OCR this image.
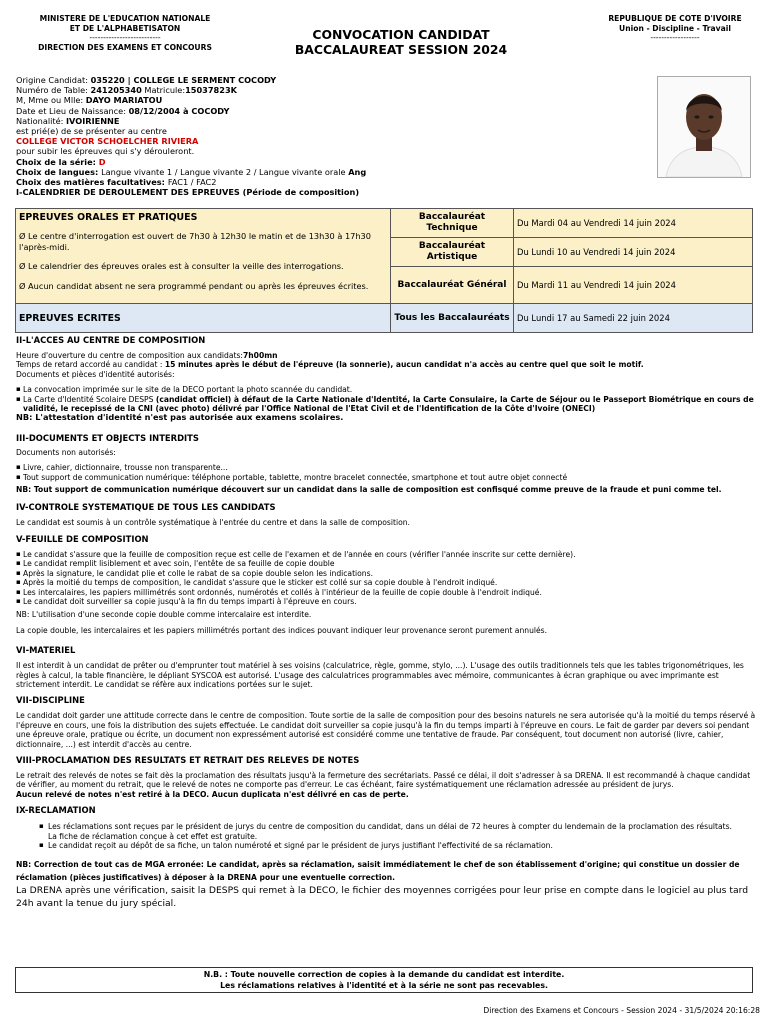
MINISTERE DE L'EDUCATION NATIONALE
ET DE L'ALPHABETISATON
--------------------------
DIRECTION DES EXAMENS ET CONCOURS
CONVOCATION CANDIDAT
BACCALAUREAT SESSION 2024
REPUBLIQUE DE COTE D'IVOIRE
Union - Discipline - Travail
------------------
Origine Candidat: 035220 | COLLEGE LE SERMENT COCODY
Numéro de Table: 241205340 Matricule:15037823K
M, Mme ou Mlle: DAYO MARIATOU
Date et Lieu de Naissance: 08/12/2004 à COCODY
Nationalité: IVOIRIENNE
est prié(e) de se présenter au centre
COLLEGE VICTOR SCHOELCHER RIVIERA
pour subir les épreuves qui s'y dérouleront.
Choix de la série: D
Choix de langues: Langue vivante 1 / Langue vivante 2 / Langue vivante orale Ang
Choix des matières facultatives: FAC1 / FAC2
I-CALENDRIER DE DEROULEMENT DES EPREUVES (Période de composition)
EPREUVES ORALES ET PRATIQUES

Ø Le centre d'interrogation est ouvert de 7h30 à 12h30 le matin et de 13h30 à 17h30 l'après-midi.

Ø Le calendrier des épreuves orales est à consulter la veille des interrogations.

Ø Aucun candidat absent ne sera programmé pendant ou après les épreuves écrites.	Baccalauréat Technique	Du Mardi 04 au Vendredi 14 juin 2024
	Baccalauréat Artistique	Du Lundi 10 au Vendredi 14 juin 2024
	Baccalauréat Général	Du Mardi 11 au Vendredi 14 juin 2024
EPREUVES ECRITES	Tous les Baccalauréats	Du Lundi 17 au Samedi 22 juin 2024
II-L'ACCES AU CENTRE DE COMPOSITION

Heure d'ouverture du centre de composition aux candidats:7h00mn

Temps de retard accordé au candidat : 15 minutes après le début de l'épreuve (la sonnerie), aucun candidat n'a accès au centre quel que soit le motif.

Documents et pièces d'identité autorisés:

▪ La convocation imprimée sur le site de la DECO portant la photo scannée du candidat.
▪ La Carte d'Identité Scolaire DESPS (candidat officiel) à défaut de la Carte Nationale d'Identité, la Carte Consulaire, la Carte de Séjour ou le Passeport Biométrique en cours de validité, le recepissé de la CNI (avec photo) délivré par l'Office National de l'Etat Civil et de l'Identification de la Côte d'Ivoire (ONECI)

NB: L'attestation d'identité n'est pas autorisée aux examens scolaires.

III-DOCUMENTS ET OBJECTS INTERDITS

Documents non autorisés:

▪ Livre, cahier, dictionnaire, trousse non transparente...
▪ Tout support de communication numérique: téléphone portable, tablette, montre bracelet connectée, smartphone et tout autre objet connecté

NB: Tout support de communication numérique découvert sur un candidat dans la salle de composition est confisqué comme preuve de la fraude et puni comme tel.

IV-CONTROLE SYSTEMATIQUE DE TOUS LES CANDIDATS

Le candidat est soumis à un contrôle systématique à l'entrée du centre et dans la salle de composition.

V-FEUILLE DE COMPOSITION
▪ Le candidat s'assure que la feuille de composition reçue est celle de l'examen et de l'année en cours (vérifier l'année inscrite sur cette dernière).
▪ Le candidat remplit lisiblement et avec soin, l'entête de sa feuille de copie double
▪ Après la signature, le candidat plie et colle le rabat de sa copie double selon les indications.
▪ Après la moitié du temps de composition, le candidat s'assure que le sticker est collé sur sa copie double à l'endroit indiqué.
▪ Les intercalaires, les papiers millimétrés sont ordonnés, numérotés et collés à l'intérieur de la feuille de copie double à l'endroit indiqué.
▪ Le candidat doit surveiller sa copie jusqu'à la fin du temps imparti à l'épreuve en cours.

NB: L'utilisation d'une seconde copie double comme intercalaire est interdite.

La copie double, les intercalaires et les papiers millimétrés portant des indices pouvant indiquer leur provenance seront purement annulés.

VI-MATERIEL

Il est interdit à un candidat de prêter ou d'emprunter tout matériel à ses voisins (calculatrice, règle, gomme, stylo, ...). L'usage des outils traditionnels tels que les tables trigonométriques, les règles à calcul, la table financière, le dépliant SYSCOA est autorisé. L'usage des calculatrices programmables avec mémoire, communicantes à écran graphique ou avec imprimante est strictement interdit. Le candidat se réfère aux indications portées sur le sujet.

VII-DISCIPLINE

Le candidat doit garder une attitude correcte dans le centre de composition. Toute sortie de la salle de composition pour des besoins naturels ne sera autorisée qu'à la moitié du temps réservé à l'épreuve en cours, une fois la distribution des sujets effectuée. Le candidat doit surveiller sa copie jusqu'à la fin du temps imparti à l'épreuve en cours. Le fait de garder par devers soi pendant une épreuve orale, pratique ou écrite, un document non expressément autorisé est considéré comme une tentative de fraude. Par conséquent, tout document non autorisé (livre, cahier, dictionnaire, ...) est interdit d'accès au centre.

VIII-PROCLAMATION DES RESULTATS ET RETRAIT DES RELEVES DE NOTES

Le retrait des relevés de notes se fait dès la proclamation des résultats jusqu'à la fermeture des secrétariats. Passé ce délai, il doit s'adresser à sa DRENA. Il est recommandé à chaque candidat de vérifier, au moment du retrait, que le relevé de notes ne comporte pas d'erreur. Le cas échéant, faire systématiquement une réclamation adressée au président de jurys.

Aucun relevé de notes n'est retiré à la DECO. Aucun duplicata n'est délivré en cas de perte.

IX-RECLAMATION
▪ Les réclamations sont reçues par le président de jurys du centre de composition du candidat, dans un délai de 72 heures à compter du lendemain de la proclamation des résultats.
La fiche de réclamation conçue à cet effet est gratuite.
▪ Le candidat reçoit au dépôt de sa fiche, un talon numéroté et signé par le président de jurys justifiant l'effectivité de sa réclamation.

NB: Correction de tout cas de MGA erronée: Le candidat, après sa réclamation, saisit immédiatement le chef de son établissement d'origine; qui constitue un dossier de réclamation (pièces justificatives) à déposer à la DRENA pour une eventuelle correction.

La DRENA après une vérification, saisit la DESPS qui remet à la DECO, le fichier des moyennes corrigées pour leur prise en compte dans le logiciel au plus tard 24h avant la tenue du jury spécial.

N.B. : Toute nouvelle correction de copies à la demande du candidat est interdite.
Les réclamations relatives à l'identité et à la série ne sont pas recevables.
Direction des Examens et Concours - Session 2024 - 31/5/2024 20:16:28
